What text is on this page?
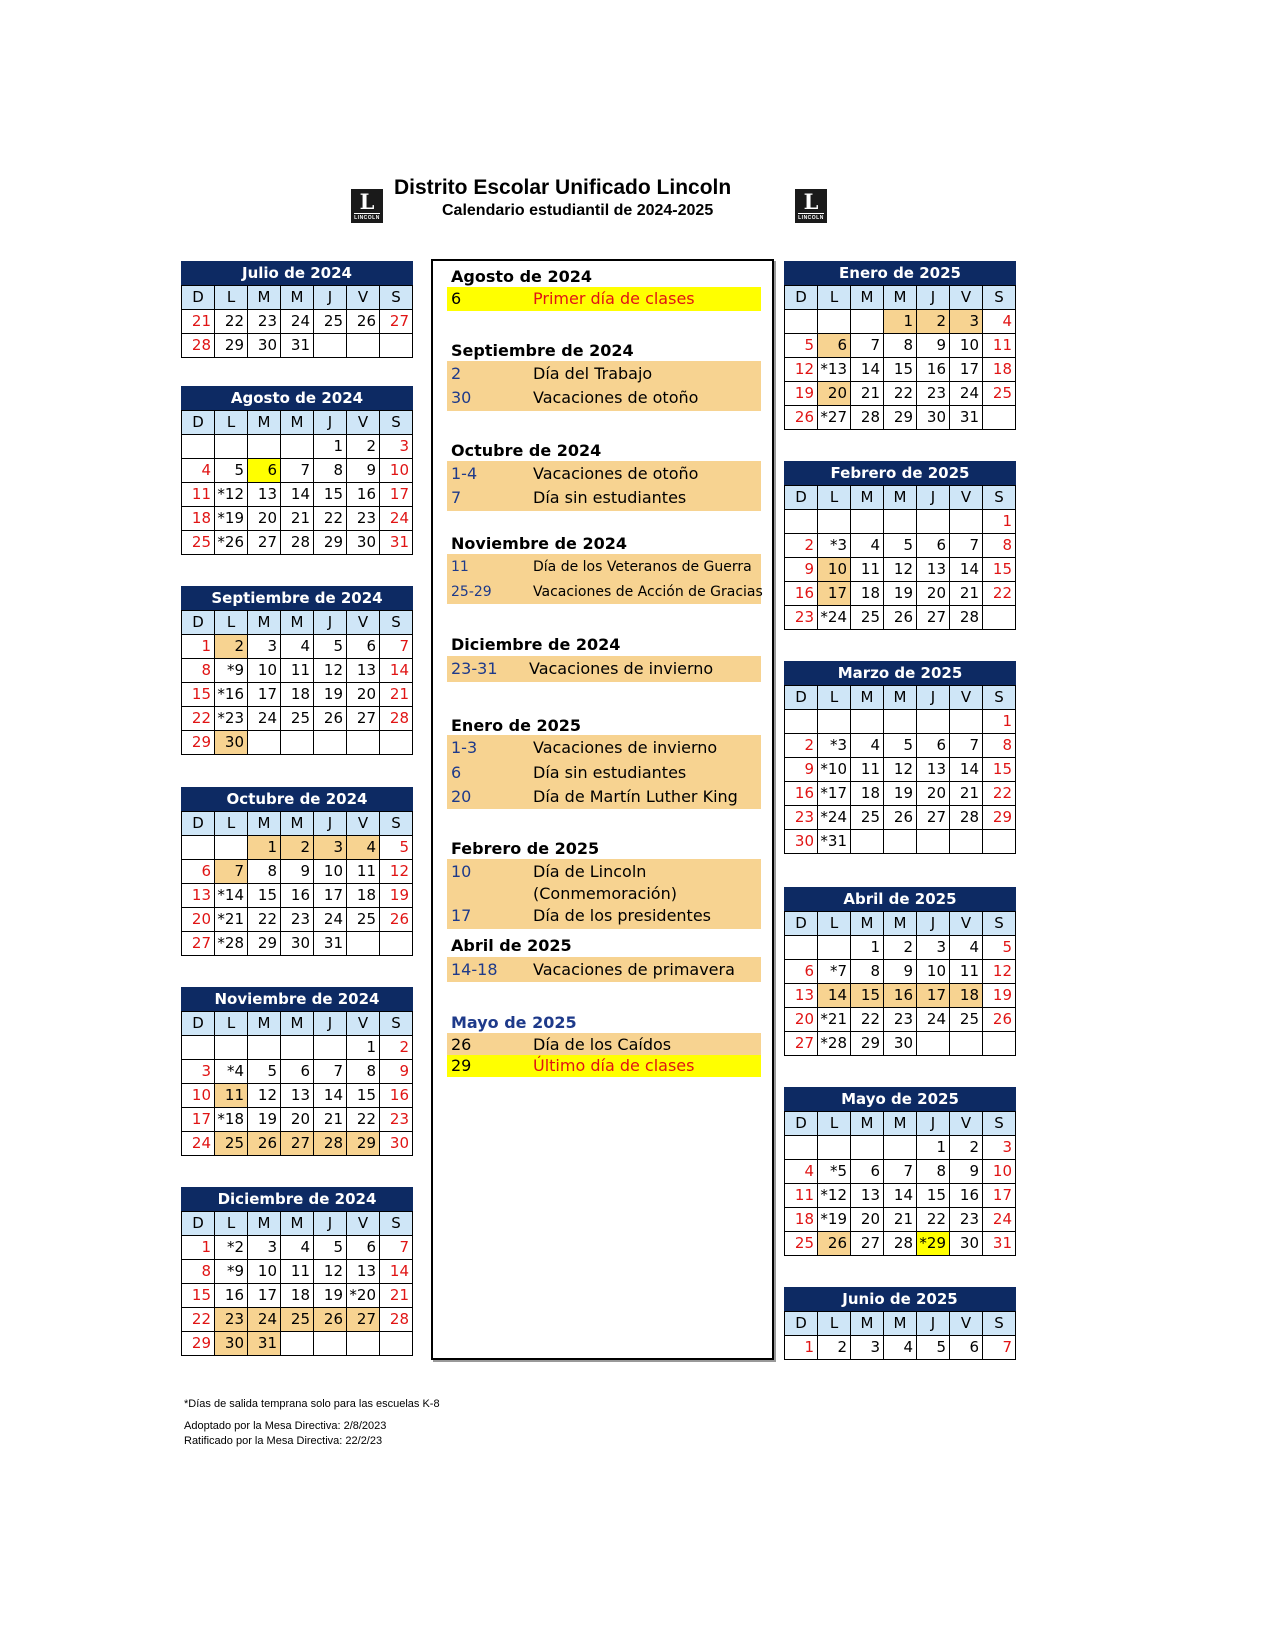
L
LINCOLN
Distrito Escolar Unificado Lincoln
Calendario estudiantil de 2024-2025	L
LINCOLN
Julio de 2024
D	L	M	M	J	V	S
21	22	23	24	25	26	27
28	29	30	31			
Agosto de 2024
D	L	M	M	J	V	S
				1	2	3
4	5	6	7	8	9	10
11	*12	13	14	15	16	17
18	*19	20	21	22	23	24
25	*26	27	28	29	30	31
Septiembre de 2024
D	L	M	M	J	V	S
1	2	3	4	5	6	7
8	*9	10	11	12	13	14
15	*16	17	18	19	20	21
22	*23	24	25	26	27	28
29	30					
Octubre de 2024
D	L	M	M	J	V	S
		1	2	3	4	5
6	7	8	9	10	11	12
13	*14	15	16	17	18	19
20	*21	22	23	24	25	26
27	*28	29	30	31		
Noviembre de 2024
D	L	M	M	J	V	S
					1	2
3	*4	5	6	7	8	9
10	11	12	13	14	15	16
17	*18	19	20	21	22	23
24	25	26	27	28	29	30
Diciembre de 2024
D	L	M	M	J	V	S
1	*2	3	4	5	6	7
8	*9	10	11	12	13	14
15	16	17	18	19	*20	21
22	23	24	25	26	27	28
29	30	31				
Enero de 2025
D	L	M	M	J	V	S
			1	2	3	4
5	6	7	8	9	10	11
12	*13	14	15	16	17	18
19	20	21	22	23	24	25
26	*27	28	29	30	31	
Febrero de 2025
D	L	M	M	J	V	S
						1
2	*3	4	5	6	7	8
9	10	11	12	13	14	15
16	17	18	19	20	21	22
23	*24	25	26	27	28	
Marzo de 2025
D	L	M	M	J	V	S
						1
2	*3	4	5	6	7	8
9	*10	11	12	13	14	15
16	*17	18	19	20	21	22
23	*24	25	26	27	28	29
30	*31					
Abril de 2025
D	L	M	M	J	V	S
		1	2	3	4	5
6	*7	8	9	10	11	12
13	14	15	16	17	18	19
20	*21	22	23	24	25	26
27	*28	29	30			
Mayo de 2025
D	L	M	M	J	V	S
				1	2	3
4	*5	6	7	8	9	10
11	*12	13	14	15	16	17
18	*19	20	21	22	23	24
25	26	27	28	*29	30	31
Junio de 2025
D	L	M	M	J	V	S
1	2	3	4	5	6	7
Agosto de 2024
6	Primer día de clases
Septiembre de 2024
2	Día del Trabajo
30	Vacaciones de otoño
Octubre de 2024
1-4	Vacaciones de otoño
7	Día sin estudiantes
Noviembre de 2024
11	Día de los Veteranos de Guerra
25-29	Vacaciones de Acción de Gracias
Diciembre de 2024
23-31 Vacaciones de invierno
Enero de 2025
1-3	Vacaciones de invierno
6	Día sin estudiantes
20	Día de Martín Luther King
Febrero de 2025
10	Día de Lincoln
(Conmemoración)
17	Día de los presidentes
Abril de 2025
14-18 Vacaciones de primavera
Mayo de 2025
26	Día de los Caídos
29	Último día de clases
*Días de salida temprana solo para las escuelas K-8
Adoptado por la Mesa Directiva: 2/8/2023
Ratificado por la Mesa Directiva: 22/2/23
